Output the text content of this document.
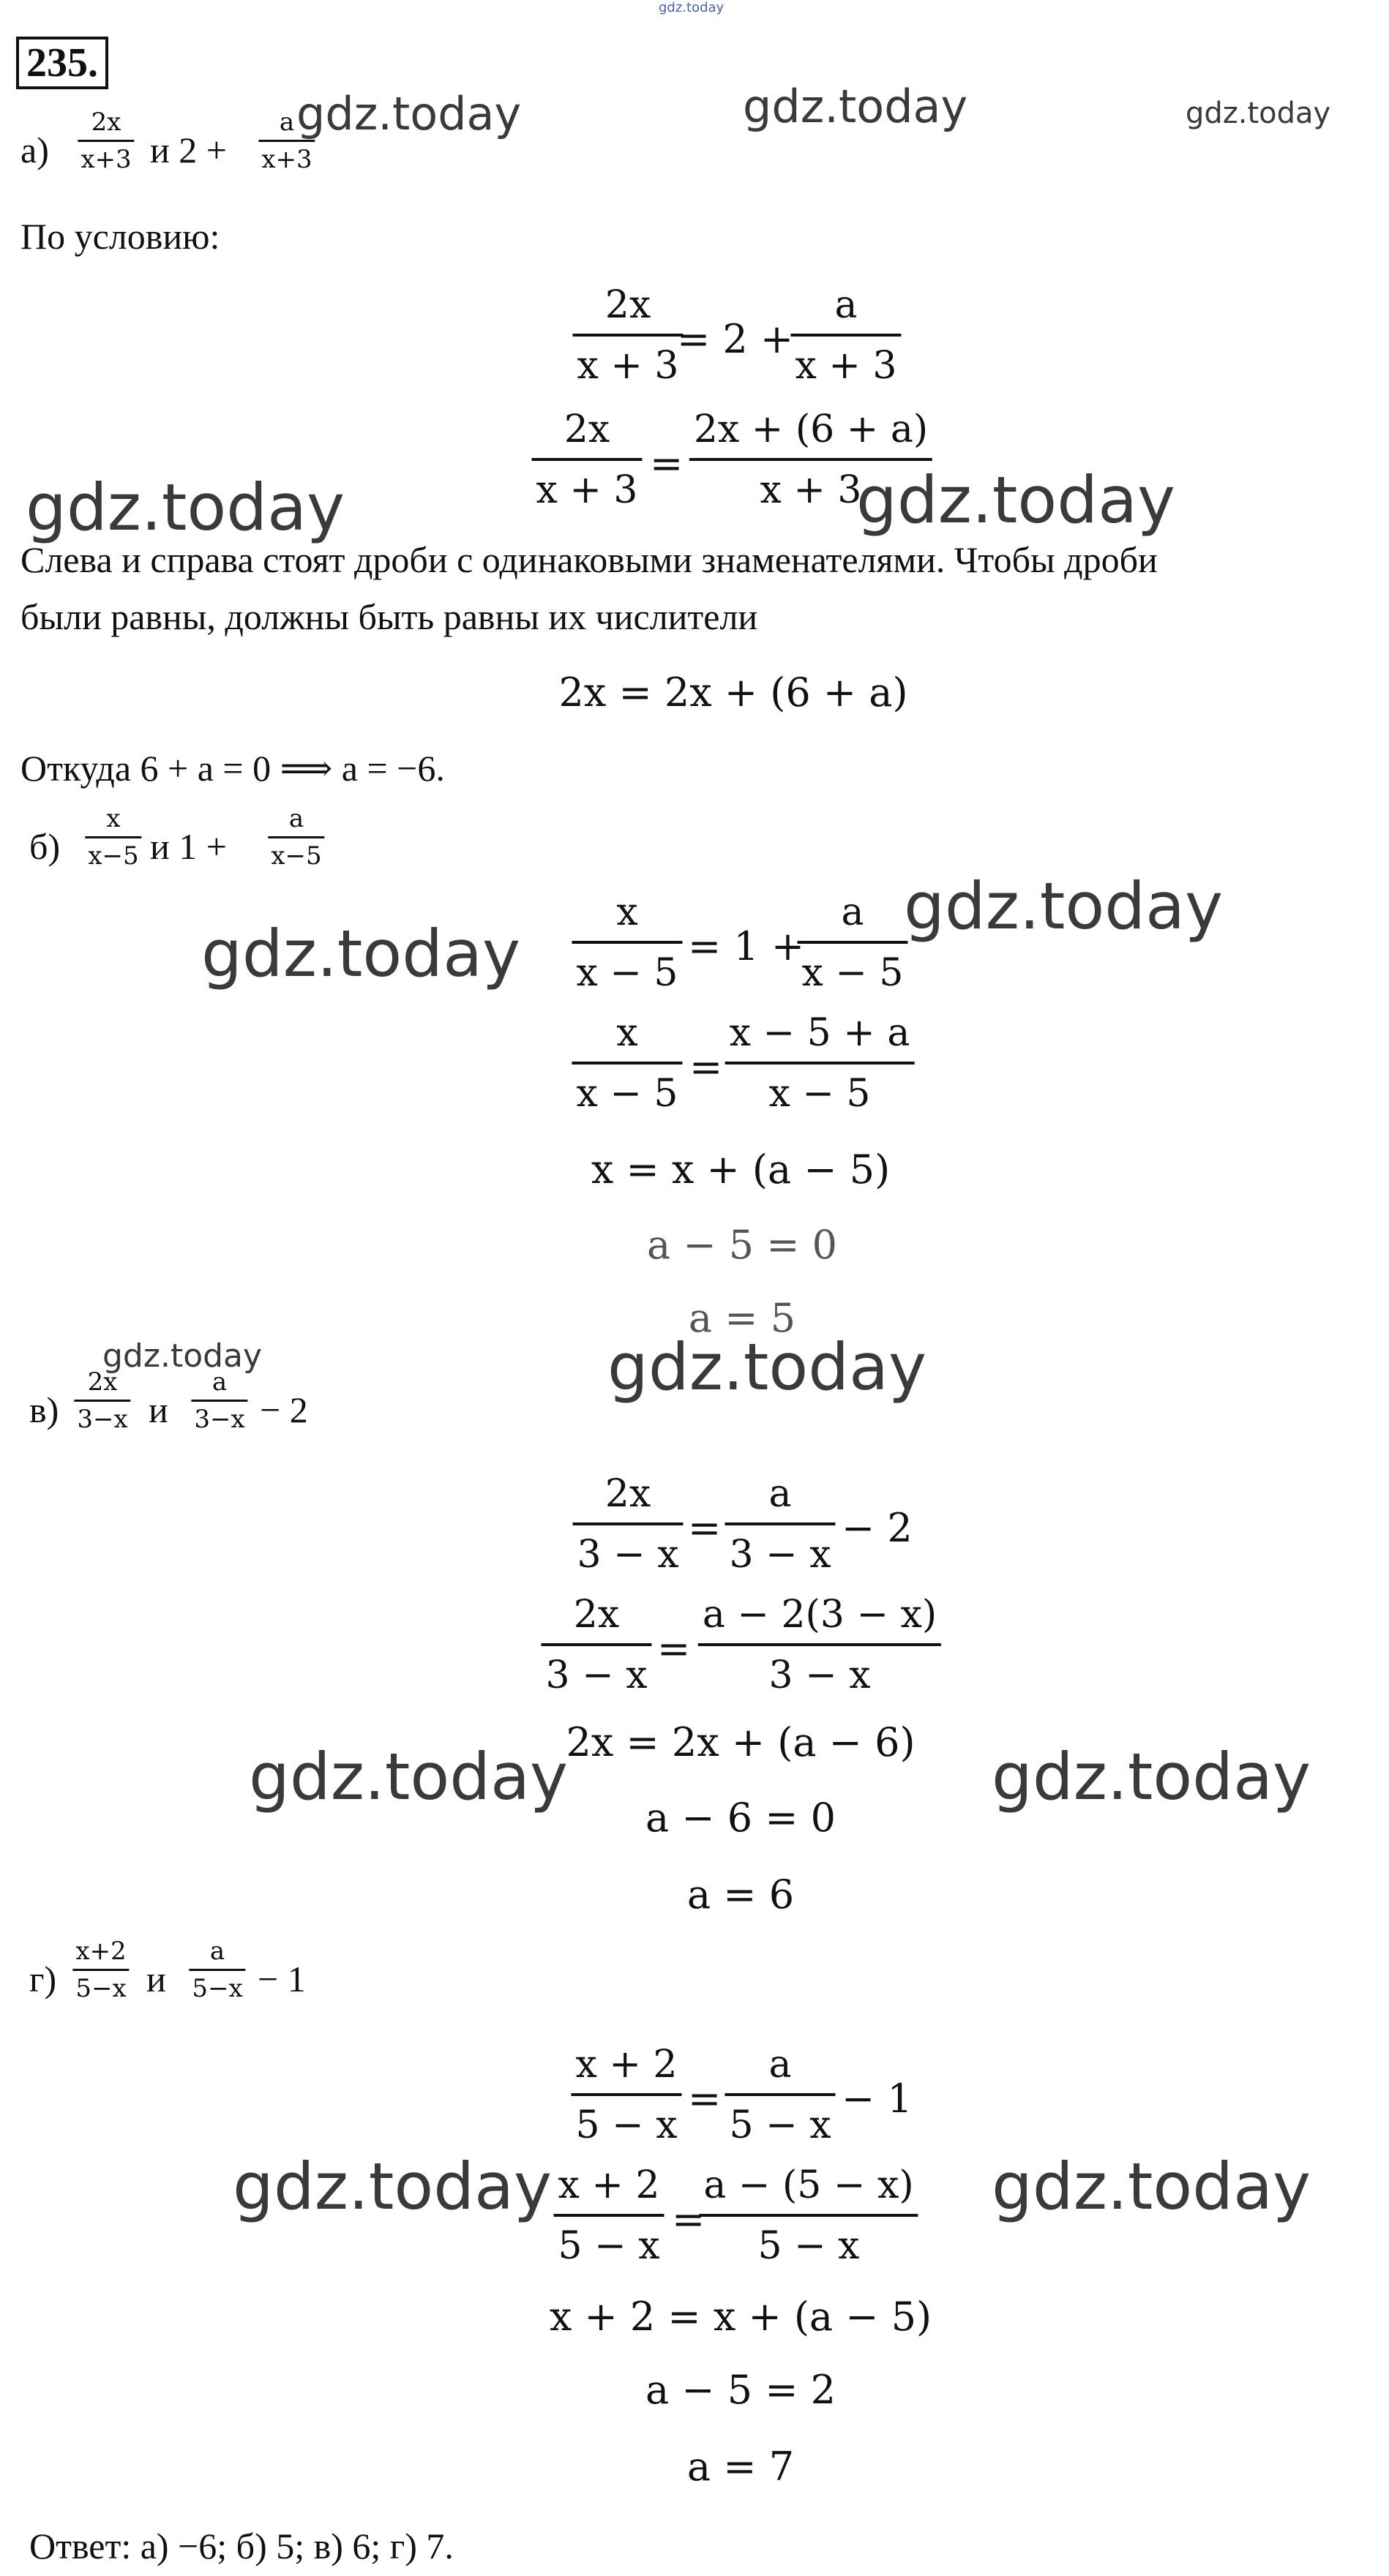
gdz.today
235.
а)
2x
x+3 и 2 +
a
x+3
По условию:
2x
x + 3
= 2 +
a
x + 3
2x
x + 3
=
2x + (6 + a)
x + 3
Слева и справа стоят дроби с одинаковыми знаменателями. Чтобы дроби
были равны, должны быть равны их числители
2x = 2x + (6 + a)
Откуда 6 + a = 0 ⟹ a = −6.
б)
x
x−5 и 1 +
a
x−5
x
x − 5
= 1 +
a
x − 5
x
x − 5
=
x − 5 + a
x − 5
x = x + (a − 5)
a − 5 = 0
a = 5
в)
2x
3−x и
a
3−x − 2
2x
3 − x
=
a
3 − x
− 2
2x
3 − x
=
a − 2(3 − x)
3 − x
2x = 2x + (a − 6)
a − 6 = 0
a = 6
г)
x+2
5−x и
a
5−x − 1
x + 2
5 − x
=
a
5 − x
− 1
x + 2
5 − x
=
a − (5 − x)
5 − x
x + 2 = x + (a − 5)
a − 5 = 2
a = 7
Ответ: а) −6; б) 5; в) 6; г) 7.
gdz.today	gdz.today	gdz.today
gdz.today	gdz.today
gdz.today
gdz.today
gdz.today	gdz.today
gdz.today	gdz.today
gdz.today	gdz.today
